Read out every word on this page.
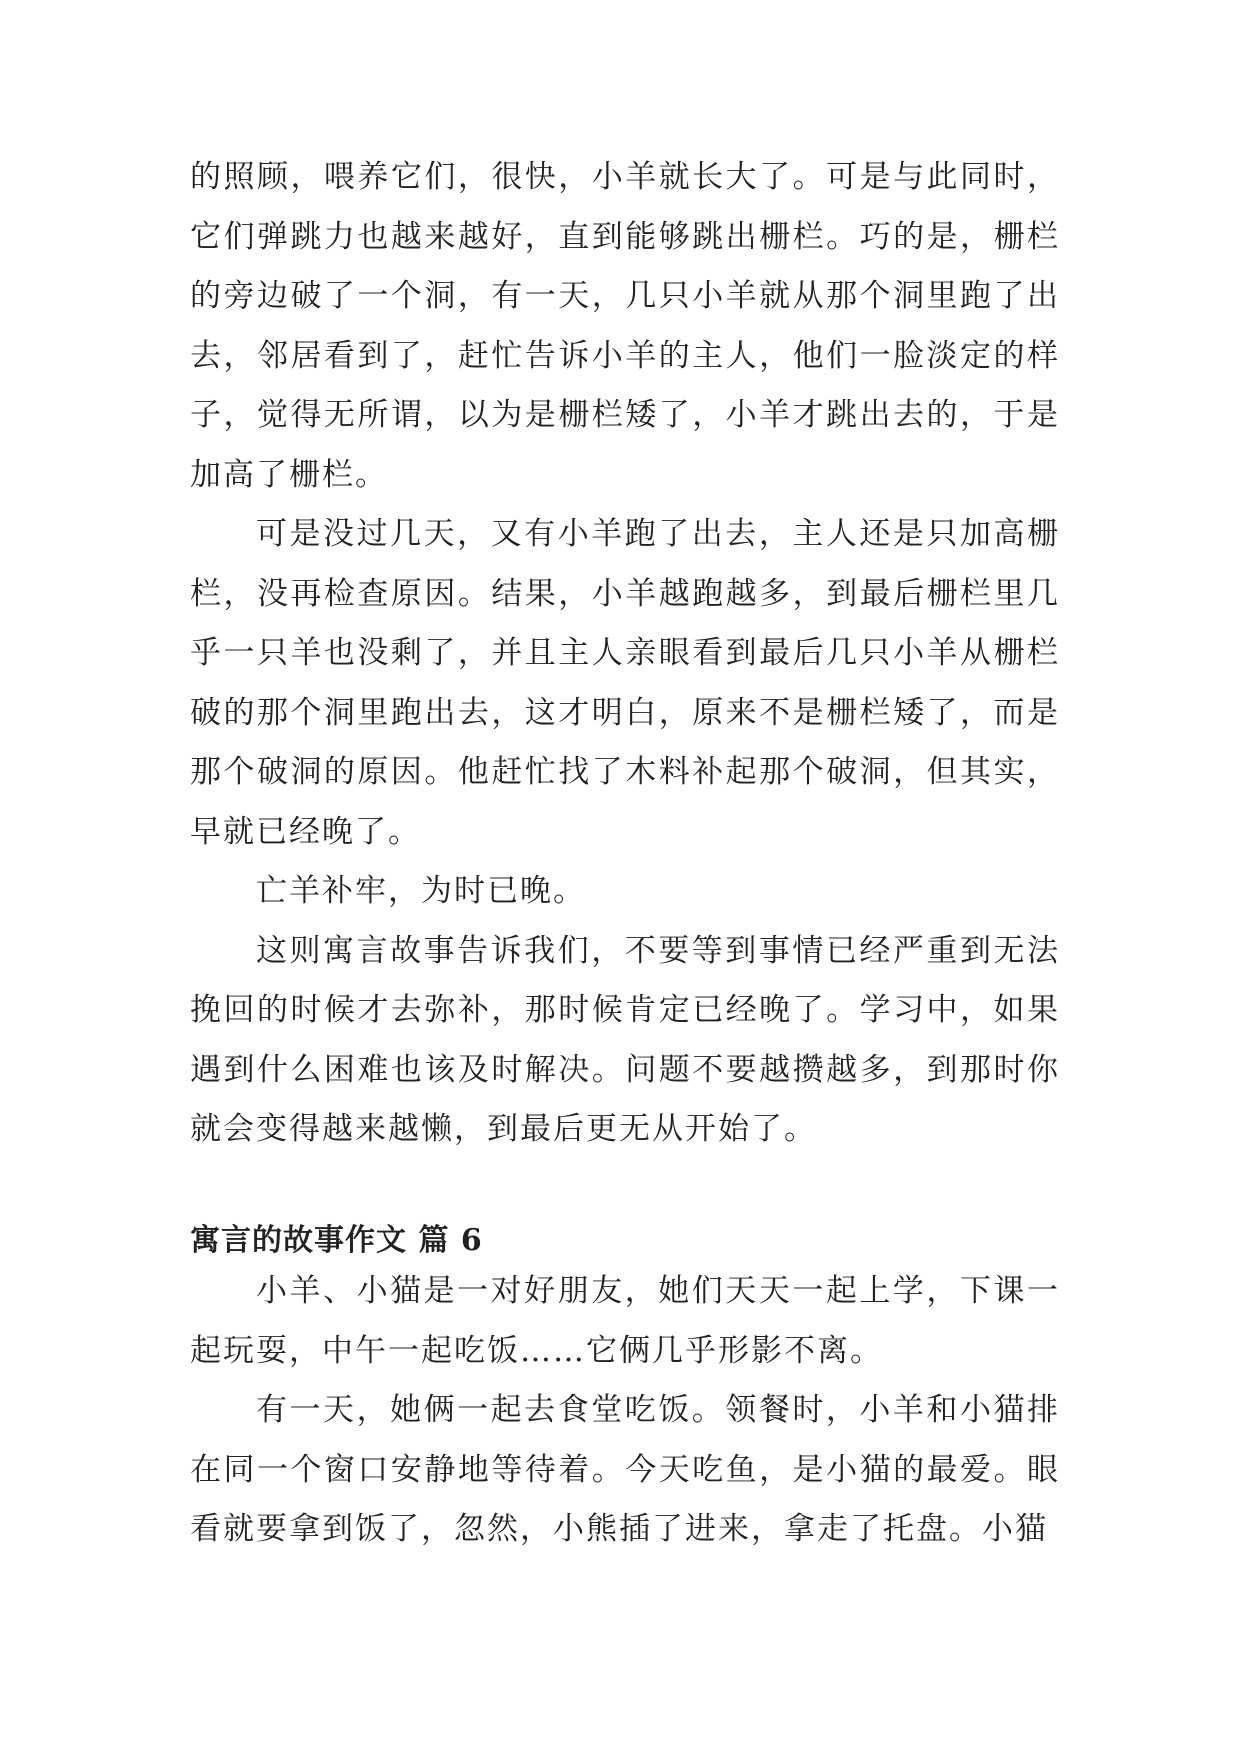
的照顾，喂养它们，很快，小羊就长大了。可是与此同时，它们弹跳力也越来越好，直到能够跳出栅栏。巧的是，栅栏的旁边破了一个洞，有一天，几只小羊就从那个洞里跑了出去，邻居看到了，赶忙告诉小羊的主人，他们一脸淡定的样子，觉得无所谓，以为是栅栏矮了，小羊才跳出去的，于是加高了栅栏。

可是没过几天，又有小羊跑了出去，主人还是只加高栅栏，没再检查原因。结果，小羊越跑越多，到最后栅栏里几乎一只羊也没剩了，并且主人亲眼看到最后几只小羊从栅栏破的那个洞里跑出去，这才明白，原来不是栅栏矮了，而是那个破洞的原因。他赶忙找了木料补起那个破洞，但其实，早就已经晚了。

亡羊补牢，为时已晚。

这则寓言故事告诉我们，不要等到事情已经严重到无法挽回的时候才去弥补，那时候肯定已经晚了。学习中，如果遇到什么困难也该及时解决。问题不要越攒越多，到那时你就会变得越来越懒，到最后更无从开始了。

寓言的故事作文 篇 6

小羊、小猫是一对好朋友，她们天天一起上学，下课一起玩耍，中午一起吃饭……它俩几乎形影不离。

有一天，她俩一起去食堂吃饭。领餐时，小羊和小猫排在同一个窗口安静地等待着。今天吃鱼，是小猫的最爱。眼看就要拿到饭了，忽然，小熊插了进来，拿走了托盘。小猫
